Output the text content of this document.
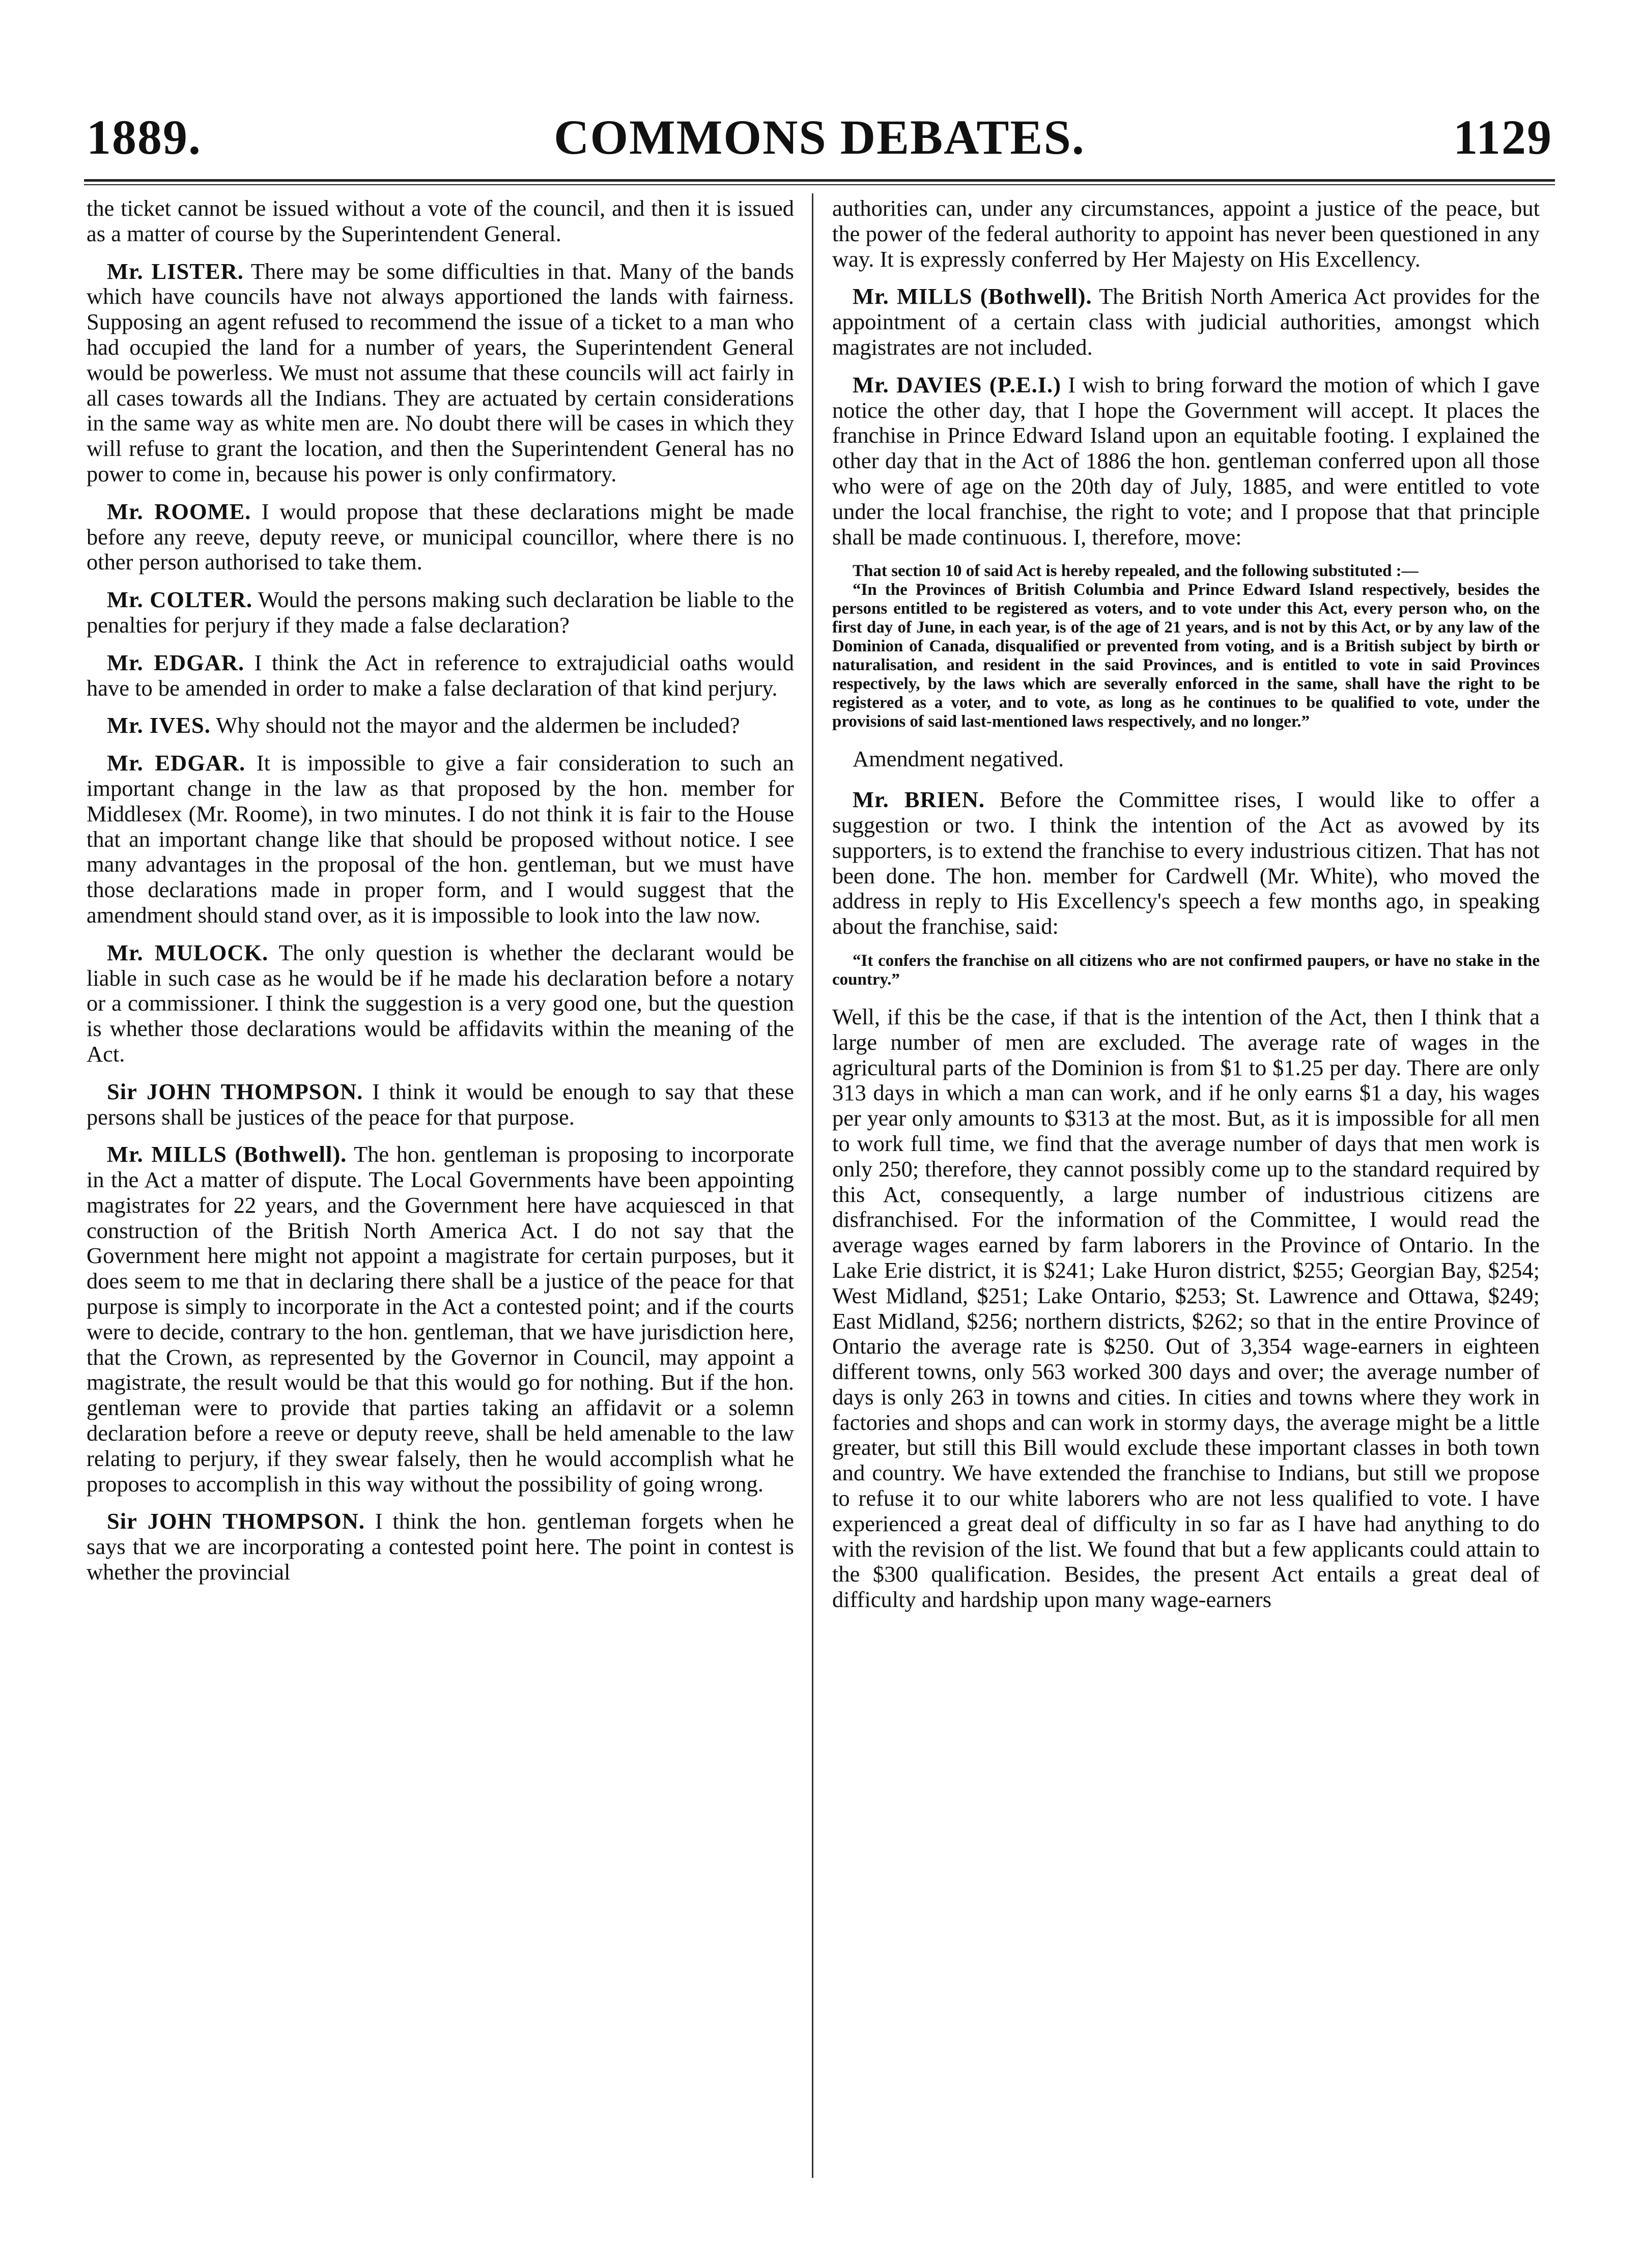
1889.	COMMONS DEBATES.	1129

the ticket cannot be issued without a vote of the council, and then it is issued as a matter of course by the Superintendent General.

Mr. LISTER. There may be some difficulties in that. Many of the bands which have councils have not always apportioned the lands with fairness. Supposing an agent refused to recommend the issue of a ticket to a man who had occupied the land for a number of years, the Superintendent General would be powerless. We must not assume that these councils will act fairly in all cases towards all the Indians. They are actuated by certain considerations in the same way as white men are. No doubt there will be cases in which they will refuse to grant the location, and then the Superintendent General has no power to come in, because his power is only confirmatory.

Mr. ROOME. I would propose that these declarations might be made before any reeve, deputy reeve, or municipal councillor, where there is no other person authorised to take them.

Mr. COLTER. Would the persons making such declaration be liable to the penalties for perjury if they made a false declaration?

Mr. EDGAR. I think the Act in reference to extrajudicial oaths would have to be amended in order to make a false declaration of that kind perjury.

Mr. IVES. Why should not the mayor and the aldermen be included?

Mr. EDGAR. It is impossible to give a fair consideration to such an important change in the law as that proposed by the hon. member for Middlesex (Mr. Roome), in two minutes. I do not think it is fair to the House that an important change like that should be proposed without notice. I see many advantages in the proposal of the hon. gentleman, but we must have those declarations made in proper form, and I would suggest that the amendment should stand over, as it is impossible to look into the law now.

Mr. MULOCK. The only question is whether the declarant would be liable in such case as he would be if he made his declaration before a notary or a commissioner. I think the suggestion is a very good one, but the question is whether those declarations would be affidavits within the meaning of the Act.

Sir JOHN THOMPSON. I think it would be enough to say that these persons shall be justices of the peace for that purpose.

Mr. MILLS (Bothwell). The hon. gentleman is proposing to incorporate in the Act a matter of dispute. The Local Governments have been appointing magistrates for 22 years, and the Government here have acquiesced in that construction of the British North America Act. I do not say that the Government here might not appoint a magistrate for certain purposes, but it does seem to me that in declaring there shall be a justice of the peace for that purpose is simply to incorporate in the Act a contested point; and if the courts were to decide, contrary to the hon. gentleman, that we have jurisdiction here, that the Crown, as represented by the Governor in Council, may appoint a magistrate, the result would be that this would go for nothing. But if the hon. gentleman were to provide that parties taking an affidavit or a solemn declaration before a reeve or deputy reeve, shall be held amenable to the law relating to perjury, if they swear falsely, then he would accomplish what he proposes to accomplish in this way without the possibility of going wrong.

Sir JOHN THOMPSON. I think the hon. gentleman forgets when he says that we are incorporating a contested point here. The point in contest is whether the provincial

authorities can, under any circumstances, appoint a justice of the peace, but the power of the federal authority to appoint has never been questioned in any way. It is expressly conferred by Her Majesty on His Excellency.

Mr. MILLS (Bothwell). The British North America Act provides for the appointment of a certain class with judicial authorities, amongst which magistrates are not included.

Mr. DAVIES (P.E.I.) I wish to bring forward the motion of which I gave notice the other day, that I hope the Government will accept. It places the franchise in Prince Edward Island upon an equitable footing. I explained the other day that in the Act of 1886 the hon. gentleman conferred upon all those who were of age on the 20th day of July, 1885, and were entitled to vote under the local franchise, the right to vote; and I propose that that principle shall be made continuous. I, therefore, move:

That section 10 of said Act is hereby repealed, and the following substituted :—

“In the Provinces of British Columbia and Prince Edward Island respectively, besides the persons entitled to be registered as voters, and to vote under this Act, every person who, on the first day of June, in each year, is of the age of 21 years, and is not by this Act, or by any law of the Dominion of Canada, disqualified or prevented from voting, and is a British subject by birth or naturalisation, and resident in the said Provinces, and is entitled to vote in said Provinces respectively, by the laws which are severally enforced in the same, shall have the right to be registered as a voter, and to vote, as long as he continues to be qualified to vote, under the provisions of said last-mentioned laws respectively, and no longer.”

Amendment negatived.

Mr. BRIEN. Before the Committee rises, I would like to offer a suggestion or two. I think the intention of the Act as avowed by its supporters, is to extend the franchise to every industrious citizen. That has not been done. The hon. member for Cardwell (Mr. White), who moved the address in reply to His Excellency's speech a few months ago, in speaking about the franchise, said:

“It confers the franchise on all citizens who are not confirmed paupers, or have no stake in the country.”

Well, if this be the case, if that is the intention of the Act, then I think that a large number of men are excluded. The average rate of wages in the agricultural parts of the Dominion is from $1 to $1.25 per day. There are only 313 days in which a man can work, and if he only earns $1 a day, his wages per year only amounts to $313 at the most. But, as it is impossible for all men to work full time, we find that the average number of days that men work is only 250; therefore, they cannot possibly come up to the standard required by this Act, consequently, a large number of industrious citizens are disfranchised. For the information of the Committee, I would read the average wages earned by farm laborers in the Province of Ontario. In the Lake Erie district, it is $241; Lake Huron district, $255; Georgian Bay, $254; West Midland, $251; Lake Ontario, $253; St. Lawrence and Ottawa, $249; East Midland, $256; northern districts, $262; so that in the entire Province of Ontario the average rate is $250. Out of 3,354 wage-earners in eighteen different towns, only 563 worked 300 days and over; the average number of days is only 263 in towns and cities. In cities and towns where they work in factories and shops and can work in stormy days, the average might be a little greater, but still this Bill would exclude these important classes in both town and country. We have extended the franchise to Indians, but still we propose to refuse it to our white laborers who are not less qualified to vote. I have experienced a great deal of difficulty in so far as I have had anything to do with the revision of the list. We found that but a few applicants could attain to the $300 qualification. Besides, the present Act entails a great deal of difficulty and hardship upon many wage-earners
